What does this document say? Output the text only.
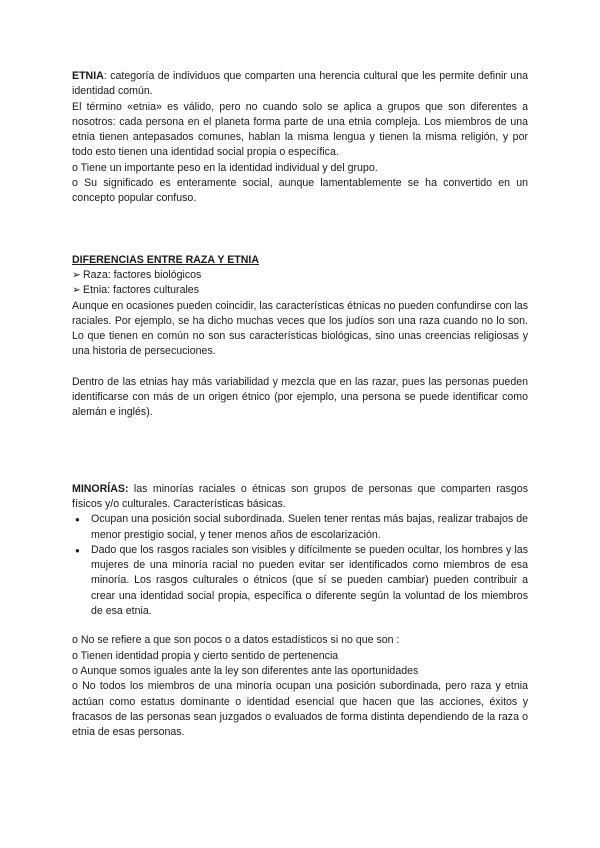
ETNIA: categoría de individuos que comparten una herencia cultural que les permite definir una identidad común.

El término «etnia» es válido, pero no cuando solo se aplica a grupos que son diferentes a nosotros: cada persona en el planeta forma parte de una etnia compleja. Los miembros de una etnia tienen antepasados comunes, hablan la misma lengua y tienen la misma religión, y por todo esto tienen una identidad social propia o específica.

o Tiene un importante peso en la identidad individual y del grupo.

o Su significado es enteramente social, aunque lamentablemente se ha convertido en un concepto popular confuso.

DIFERENCIAS ENTRE RAZA Y ETNIA

➢ Raza: factores biológicos

➢ Etnia: factores culturales

Aunque en ocasiones pueden coincidir, las características étnicas no pueden confundirse con las raciales. Por ejemplo, se ha dicho muchas veces que los judíos son una raza cuando no lo son. Lo que tienen en común no son sus características biológicas, sino unas creencias religiosas y una historia de persecuciones.

Dentro de las etnias hay más variabilidad y mezcla que en las razar, pues las personas pueden identificarse con más de un origen étnico (por ejemplo, una persona se puede identificar como alemán e inglés).

MINORÍAS: las minorías raciales o étnicas son grupos de personas que comparten rasgos físicos y/o culturales. Características básicas.

● Ocupan una posición social subordinada. Suelen tener rentas más bajas, realizar trabajos de menor prestigio social, y tener menos años de escolarización.
● Dado que los rasgos raciales son visibles y difícilmente se pueden ocultar, los hombres y las mujeres de una minoría racial no pueden evitar ser identificados como miembros de esa minoría. Los rasgos culturales o étnicos (que sí se pueden cambiar) pueden contribuir a crear una identidad social propia, específica o diferente según la voluntad de los miembros de esa etnia.

o No se refiere a que son pocos o a datos estadísticos si no que son :

o Tienen identidad propia y cierto sentido de pertenencia

o Aunque somos iguales ante la ley son diferentes ante las oportunidades

o No todos los miembros de una minoría ocupan una posición subordinada, pero raza y etnia actúan como estatus dominante o identidad esencial que hacen que las acciones, éxitos y fracasos de las personas sean juzgados o evaluados de forma distinta dependiendo de la raza o etnia de esas personas.
